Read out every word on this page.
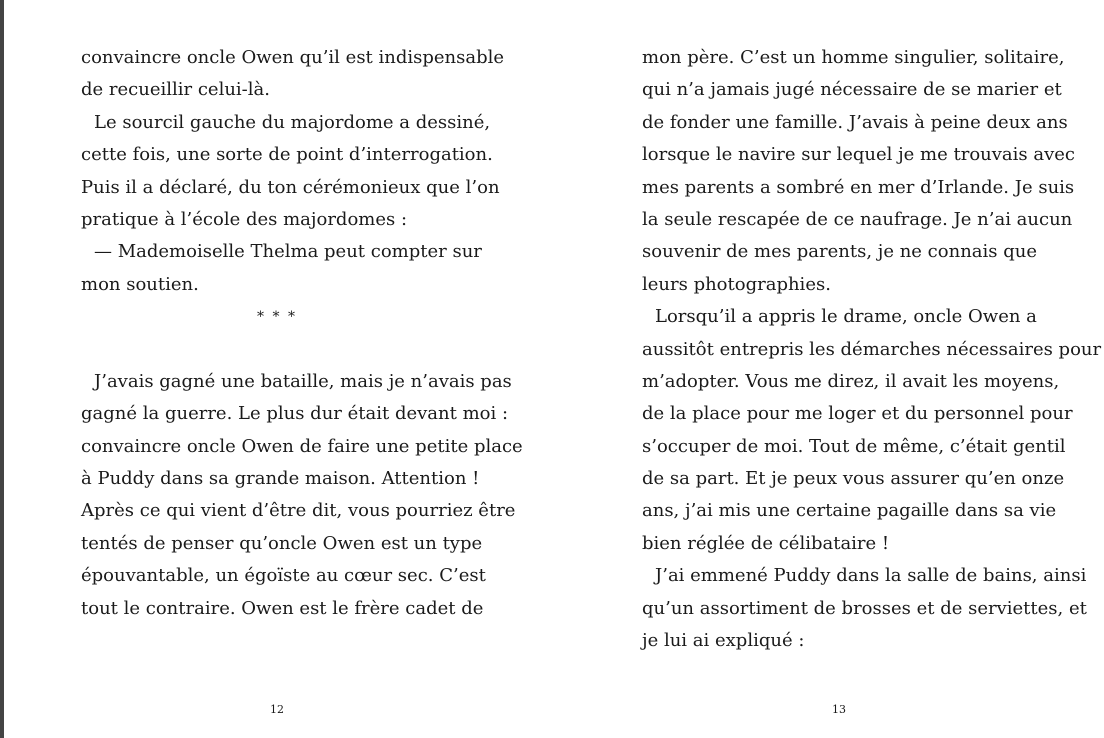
convaincre oncle Owen qu’il est indispensable
de recueillir celui-là.
Le sourcil gauche du majordome a dessiné,
cette fois, une sorte de point d’interrogation.
Puis il a déclaré, du ton cérémonieux que l’on
pratique à l’école des majordomes :
— Mademoiselle Thelma peut compter sur
mon soutien.
* * *
J’avais gagné une bataille, mais je n’avais pas
gagné la guerre. Le plus dur était devant moi :
convaincre oncle Owen de faire une petite place
à Puddy dans sa grande maison. Attention !
Après ce qui vient d’être dit, vous pourriez être
tentés de penser qu’oncle Owen est un type
épouvantable, un égoïste au cœur sec. C’est
tout le contraire. Owen est le frère cadet de
mon père. C’est un homme singulier, solitaire,
qui n’a jamais jugé nécessaire de se marier et
de fonder une famille. J’avais à peine deux ans
lorsque le navire sur lequel je me trouvais avec
mes parents a sombré en mer d’Irlande. Je suis
la seule rescapée de ce naufrage. Je n’ai aucun
souvenir de mes parents, je ne connais que
leurs photographies.
Lorsqu’il a appris le drame, oncle Owen a
aussitôt entrepris les démarches nécessaires pour
m’adopter. Vous me direz, il avait les moyens,
de la place pour me loger et du personnel pour
s’occuper de moi. Tout de même, c’était gentil
de sa part. Et je peux vous assurer qu’en onze
ans, j’ai mis une certaine pagaille dans sa vie
bien réglée de célibataire !
J’ai emmené Puddy dans la salle de bains, ainsi
qu’un assortiment de brosses et de serviettes, et
je lui ai expliqué :
12	13
